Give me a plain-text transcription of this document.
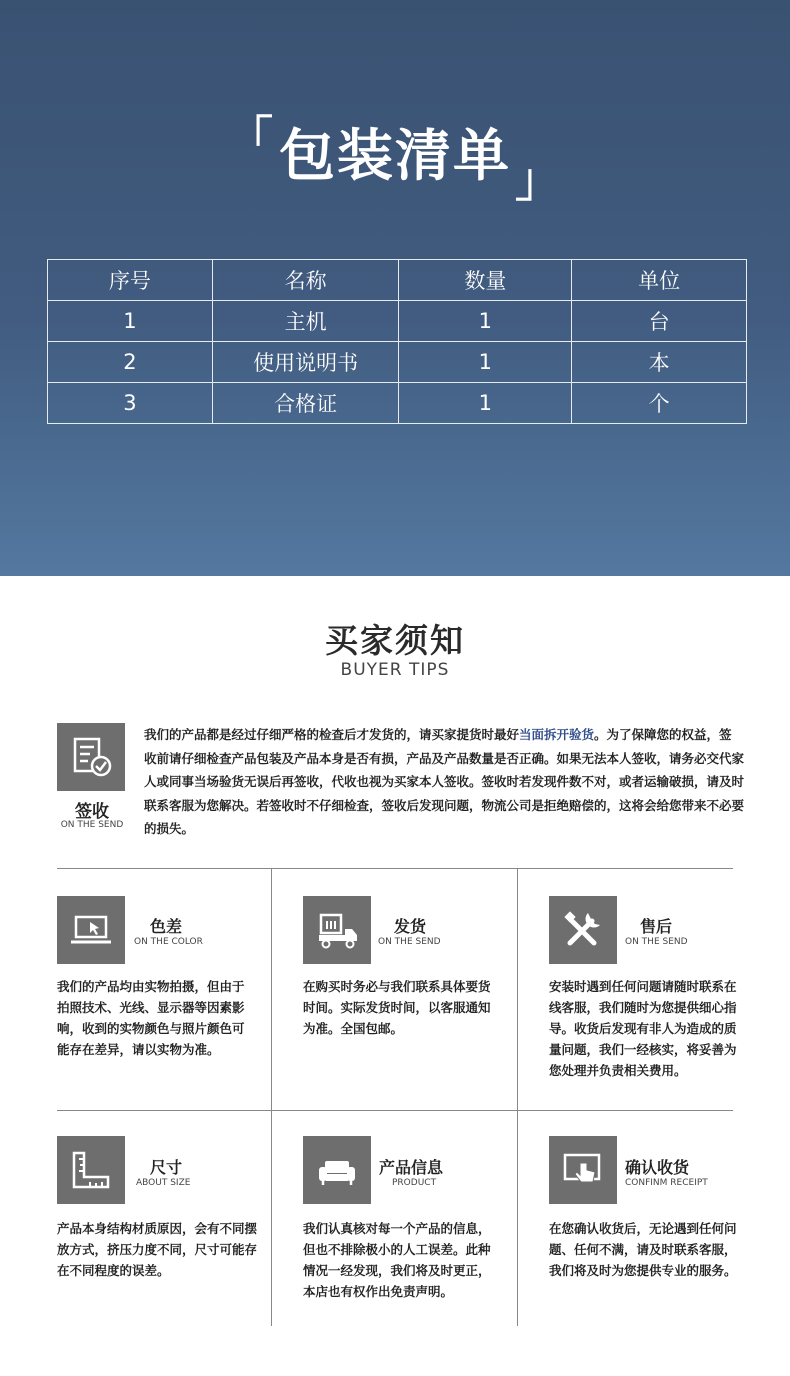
「包装清单」
序号	名称	数量	单位
1	主机	1	台
2	使用说明书	1	本
3	合格证	1	个
买家须知
BUYER TIPS
签收
ON THE SEND
我们的产品都是经过仔细严格的检查后才发货的，请买家提货时最好当面拆开验货。为了保障您的权益，签收前请仔细检查产品包装及产品本身是否有损，产品及产品数量是否正确。如果无法本人签收，请务必交代家人或同事当场验货无误后再签收，代收也视为买家本人签收。签收时若发现件数不对，或者运输破损，请及时联系客服为您解决。若签收时不仔细检查，签收后发现问题，物流公司是拒绝赔偿的，这将会给您带来不必要的损失。
色差
ON THE COLOR
我们的产品均由实物拍摄，但由于拍照技术、光线、显示器等因素影响，收到的实物颜色与照片颜色可能存在差异，请以实物为准。
发货
ON THE SEND
在购买时务必与我们联系具体要货时间。实际发货时间，以客服通知为准。全国包邮。
售后
ON THE SEND
安装时遇到任何问题请随时联系在线客服，我们随时为您提供细心指导。收货后发现有非人为造成的质量问题，我们一经核实，将妥善为您处理并负责相关费用。
尺寸
ABOUT SIZE
产品本身结构材质原因，会有不同摆放方式，挤压力度不同，尺寸可能存在不同程度的误差。
产品信息
PRODUCT
我们认真核对每一个产品的信息，但也不排除极小的人工误差。此种情况一经发现，我们将及时更正，本店也有权作出免责声明。
确认收货
CONFINM RECEIPT
在您确认收货后，无论遇到任何问题、任何不满，请及时联系客服，我们将及时为您提供专业的服务。
